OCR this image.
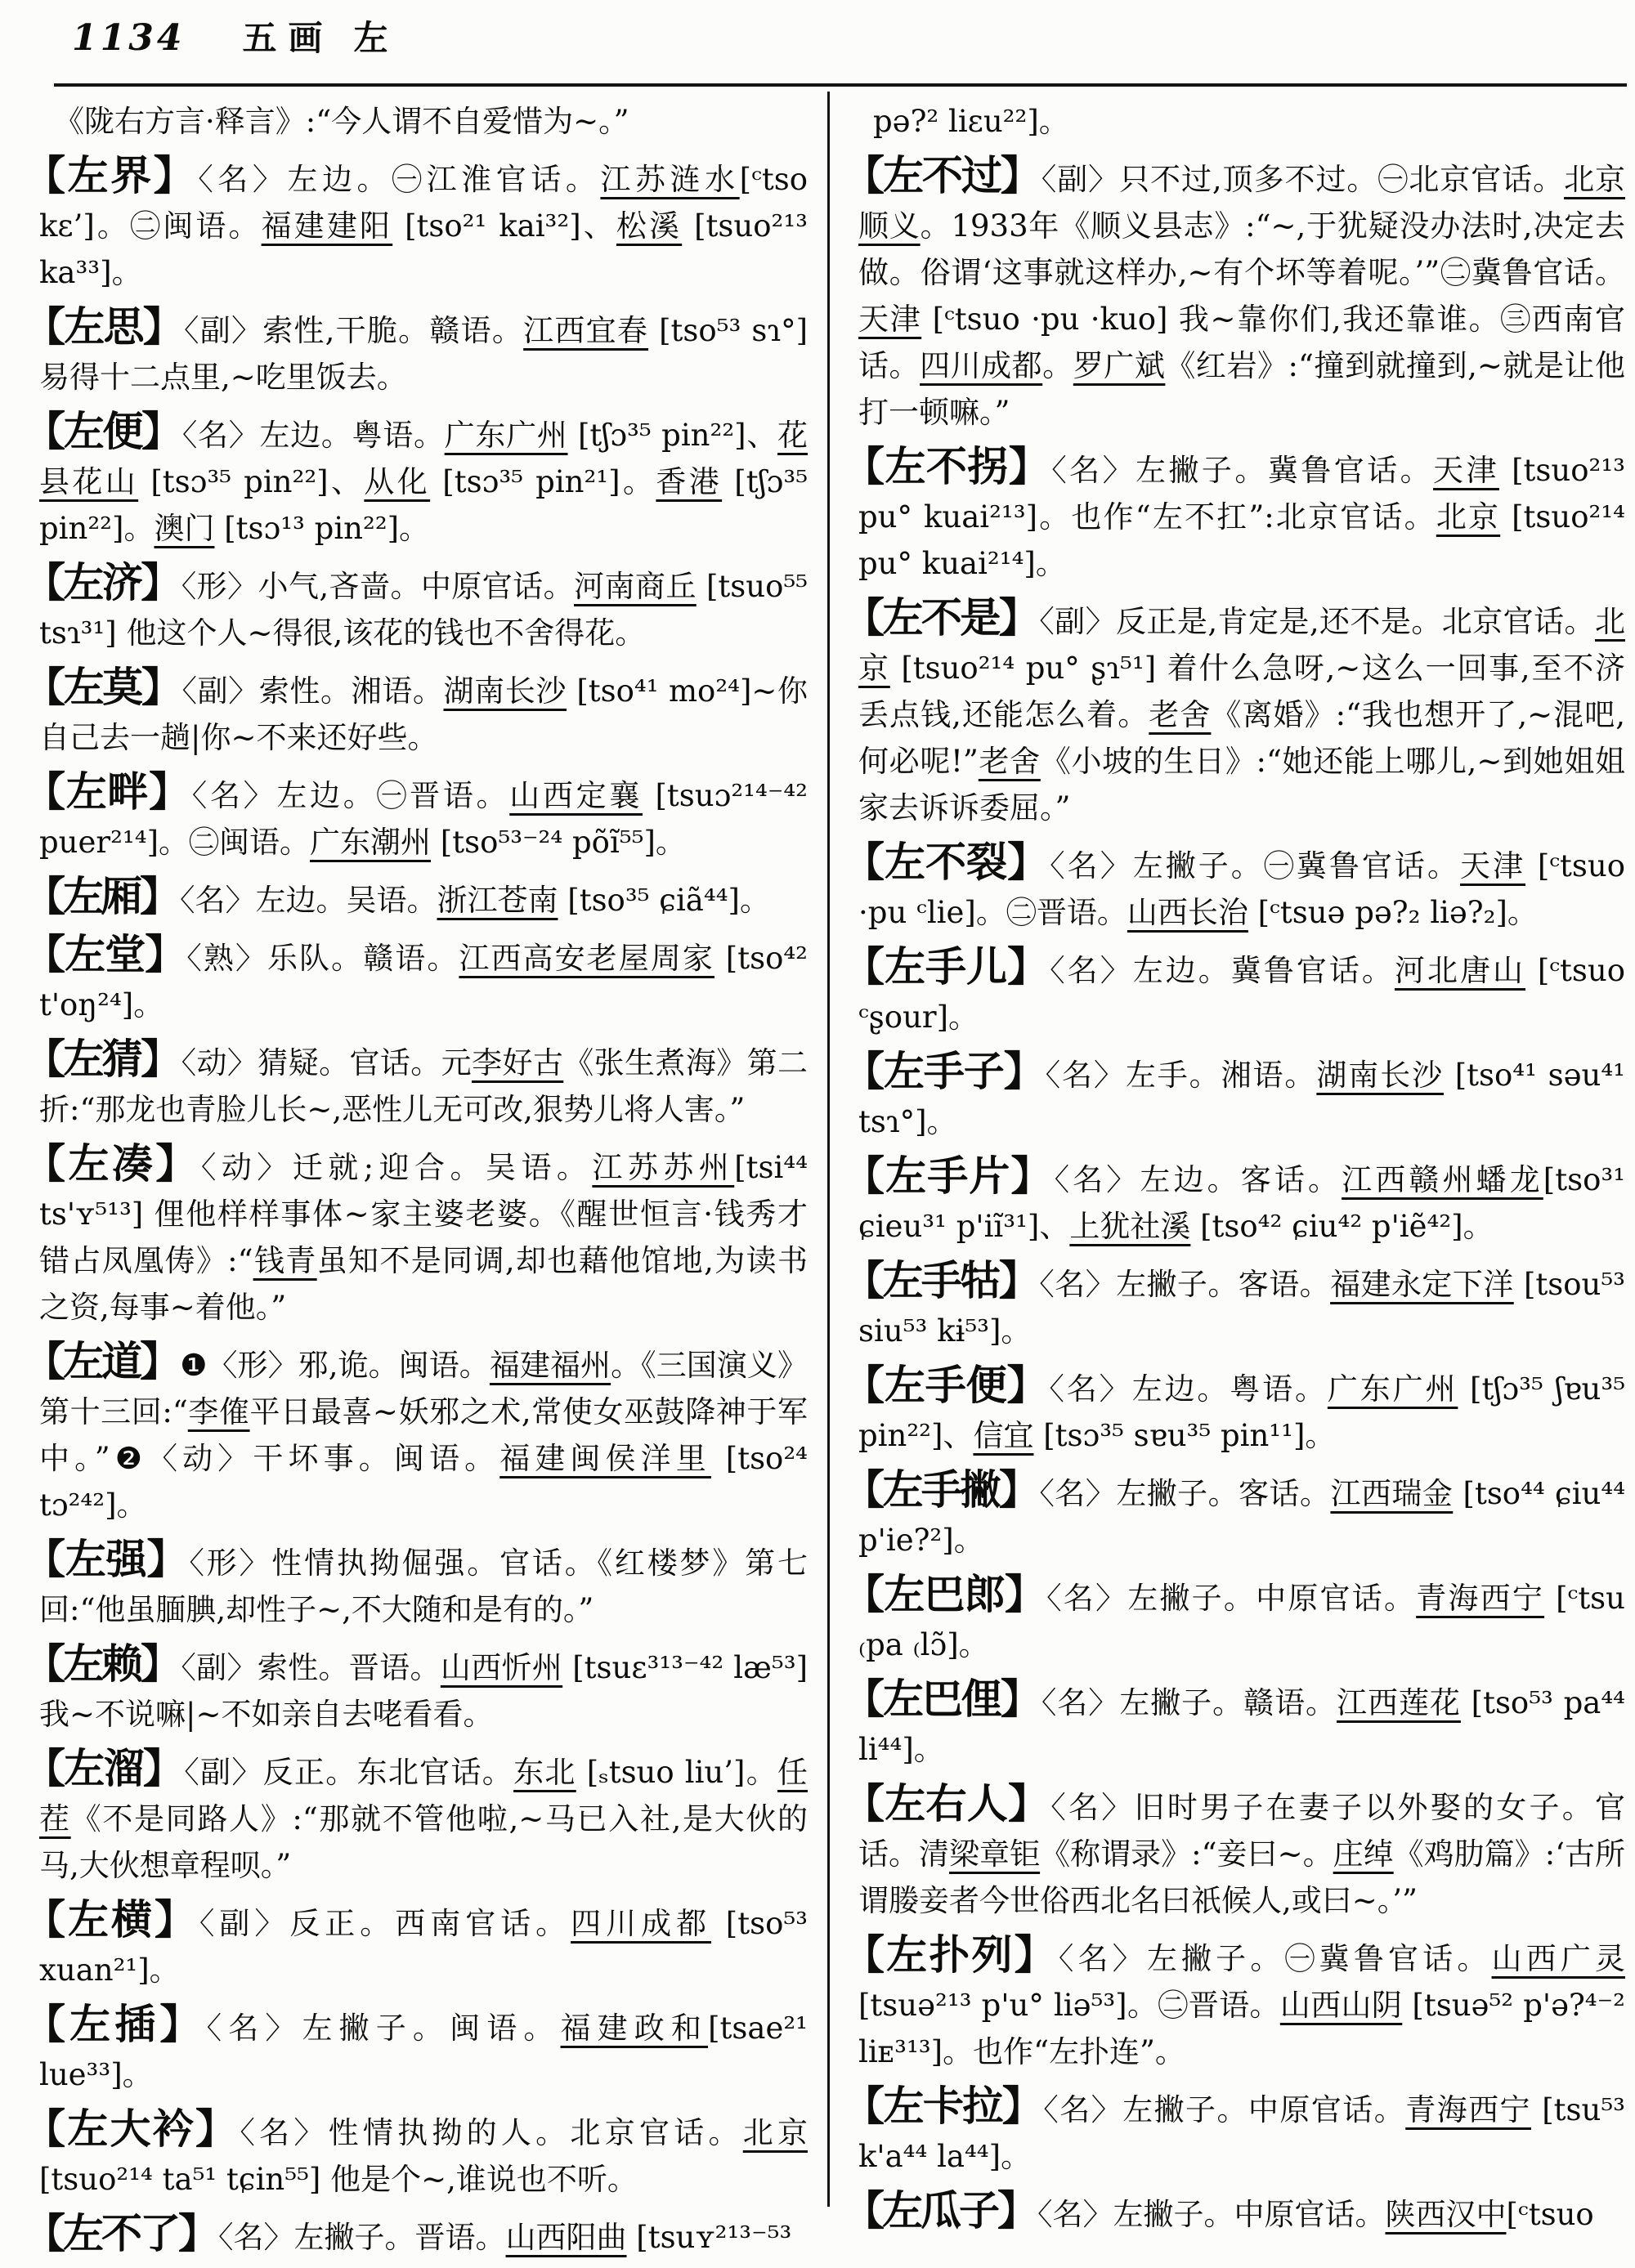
1134 五画 左
《陇右方言·释言》:“今人谓不自爱惜为~。”
【左界】〈名〉左边。㊀江淮官话。江苏涟水[ᶜtso kɛ’]。㊁闽语。福建建阳 [tso²¹ kai³²]、松溪 [tsuo²¹³ ka³³]。
【左思】〈副〉索性,干脆。赣语。江西宜春 [tso⁵³ sɿ°] 易得十二点里,~吃里饭去。
【左便】〈名〉左边。粤语。广东广州 [tʃɔ³⁵ pin²²]、花县花山 [tsɔ³⁵ pin²²]、从化 [tsɔ³⁵ pin²¹]。香港 [tʃɔ³⁵ pin²²]。澳门 [tsɔ¹³ pin²²]。
【左济】〈形〉小气,吝啬。中原官话。河南商丘 [tsuo⁵⁵ tsɿ³¹] 他这个人~得很,该花的钱也不舍得花。
【左莫】〈副〉索性。湘语。湖南长沙 [tso⁴¹ mo²⁴]~你自己去一趟|你~不来还好些。
【左畔】〈名〉左边。㊀晋语。山西定襄 [tsuɔ²¹⁴⁻⁴² puer²¹⁴]。㊁闽语。广东潮州 [tso⁵³⁻²⁴ põĩ⁵⁵]。
【左厢】〈名〉左边。吴语。浙江苍南 [tso³⁵ ɕiã⁴⁴]。
【左堂】〈熟〉乐队。赣语。江西高安老屋周家 [tso⁴² t'oŋ²⁴]。
【左猜】〈动〉猜疑。官话。元李好古《张生煮海》第二折:“那龙也青脸儿长~,恶性儿无可改,狠势儿将人害。”
【左凑】〈动〉迁就;迎合。吴语。江苏苏州[tsi⁴⁴ ts'ʏ⁵¹³] 俚他样样事体~家主婆老婆。《醒世恒言·钱秀才错占凤凰俦》:“钱青虽知不是同调,却也藉他馆地,为读书之资,每事~着他。”
【左道】❶〈形〉邪,诡。闽语。福建福州。《三国演义》第十三回:“李傕平日最喜~妖邪之术,常使女巫鼓降神于军中。”❷〈动〉干坏事。闽语。福建闽侯洋里 [tso²⁴ tɔ²⁴²]。
【左强】〈形〉性情执拗倔强。官话。《红楼梦》第七回:“他虽腼腆,却性子~,不大随和是有的。”
【左赖】〈副〉索性。晋语。山西忻州 [tsuɛ³¹³⁻⁴² læ⁵³] 我~不说嘛|~不如亲自去咾看看。
【左溜】〈副〉反正。东北官话。东北 [ₛtsuo liu’]。任茬《不是同路人》:“那就不管他啦,~马已入社,是大伙的马,大伙想章程呗。”
【左横】〈副〉反正。西南官话。四川成都 [tso⁵³ xuan²¹]。
【左插】〈名〉左撇子。闽语。福建政和[tsae²¹ lue³³]。
【左大衿】〈名〉性情执拗的人。北京官话。北京 [tsuo²¹⁴ ta⁵¹ tɕin⁵⁵] 他是个~,谁说也不听。
【左不了】〈名〉左撇子。晋语。山西阳曲 [tsuʏ²¹³⁻⁵³
pə?² liɛu²²]。
【左不过】〈副〉只不过,顶多不过。㊀北京官话。北京顺义。1933年《顺义县志》:“~,于犹疑没办法时,决定去做。俗谓‘这事就这样办,~有个坏等着呢。’”㊁冀鲁官话。天津 [ᶜtsuo ·pu ·kuo] 我~靠你们,我还靠谁。㊂西南官话。四川成都。罗广斌《红岩》:“撞到就撞到,~就是让他打一顿嘛。”
【左不拐】〈名〉左撇子。冀鲁官话。天津 [tsuo²¹³ pu° kuai²¹³]。也作“左不扛”:北京官话。北京 [tsuo²¹⁴ pu° kuai²¹⁴]。
【左不是】〈副〉反正是,肯定是,还不是。北京官话。北京 [tsuo²¹⁴ pu° ʂɿ⁵¹] 着什么急呀,~这么一回事,至不济丢点钱,还能怎么着。老舍《离婚》:“我也想开了,~混吧,何必呢!”老舍《小坡的生日》:“她还能上哪儿,~到她姐姐家去诉诉委屈。”
【左不裂】〈名〉左撇子。㊀冀鲁官话。天津 [ᶜtsuo ·pu ᶜlie]。㊁晋语。山西长治 [ᶜtsuə pə?₂ liə?₂]。
【左手儿】〈名〉左边。冀鲁官话。河北唐山 [ᶜtsuo ᶜʂour]。
【左手子】〈名〉左手。湘语。湖南长沙 [tso⁴¹ səu⁴¹ tsɿ°]。
【左手片】〈名〉左边。客话。江西赣州蟠龙[tso³¹ ɕieu³¹ p'iĩ³¹]、上犹社溪 [tso⁴² ɕiu⁴² p'iẽ⁴²]。
【左手牯】〈名〉左撇子。客语。福建永定下洋 [tsou⁵³ siu⁵³ kɨ⁵³]。
【左手便】〈名〉左边。粤语。广东广州 [tʃɔ³⁵ ʃɐu³⁵ pin²²]、信宜 [tsɔ³⁵ sɐu³⁵ pin¹¹]。
【左手撇】〈名〉左撇子。客话。江西瑞金 [tso⁴⁴ ɕiu⁴⁴ p'ie?²]。
【左巴郎】〈名〉左撇子。中原官话。青海西宁 [ᶜtsu ₍pa ₍lɔ̃]。
【左巴俚】〈名〉左撇子。赣语。江西莲花 [tso⁵³ pa⁴⁴ li⁴⁴]。
【左右人】〈名〉旧时男子在妻子以外娶的女子。官话。清梁章钜《称谓录》:“妾曰~。庄绰《鸡肋篇》:‘古所谓媵妾者今世俗西北名曰祇候人,或曰~。’”
【左扑列】〈名〉左撇子。㊀冀鲁官话。山西广灵[tsuə²¹³ p'u° liə⁵³]。㊁晋语。山西山阴 [tsuə⁵² p'ə?⁴⁻² liᴇ³¹³]。也作“左扑连”。
【左卡拉】〈名〉左撇子。中原官话。青海西宁 [tsu⁵³ k'a⁴⁴ la⁴⁴]。
【左瓜子】〈名〉左撇子。中原官话。陕西汉中[ᶜtsuo
